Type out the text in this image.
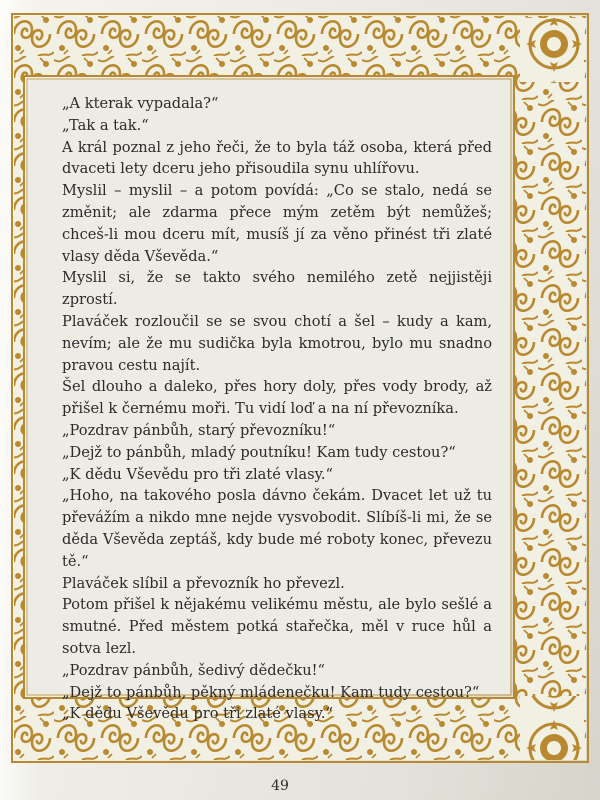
„A kterak vypadala?“

„Tak a tak.“

A král poznal z jeho řeči, že to byla táž osoba, která před dvaceti lety dceru jeho přisoudila synu uhlířovu.

Myslil – myslil – a potom povídá: „Co se stalo, nedá se změnit; ale zdarma přece mým zetěm být nemůžeš; chceš-li mou dceru mít, musíš jí za věno přinést tři zlaté vlasy děda Vševěda.“

Myslil si, že se takto svého nemilého zetě nejjistěji zprostí.

Plaváček rozloučil se se svou chotí a šel – kudy a kam, nevím; ale že mu sudička byla kmotrou, bylo mu snadno pravou cestu najít.

Šel dlouho a daleko, přes hory doly, přes vody brody, až přišel k černému moři. Tu vidí loď a na ní převozníka.

„Pozdrav pánbůh, starý převozníku!“

„Dejž to pánbůh, mladý poutníku! Kam tudy cestou?“

„K dědu Vševědu pro tři zlaté vlasy.“

„Hoho, na takového posla dávno čekám. Dvacet let už tu převážím a nikdo mne nejde vysvobodit. Slíbíš-li mi, že se děda Vševěda zeptáš, kdy bude mé roboty konec, převezu tě.“

Plaváček slíbil a převozník ho převezl.

Potom přišel k nějakému velikému městu, ale bylo sešlé a smutné. Před městem potká stařečka, měl v ruce hůl a sotva lezl.

„Pozdrav pánbůh, šedivý dědečku!“

„Dejž to pánbůh, pěkný mládenečku! Kam tudy cestou?“

„K dědu Vševědu pro tři zlaté vlasy.“

49
